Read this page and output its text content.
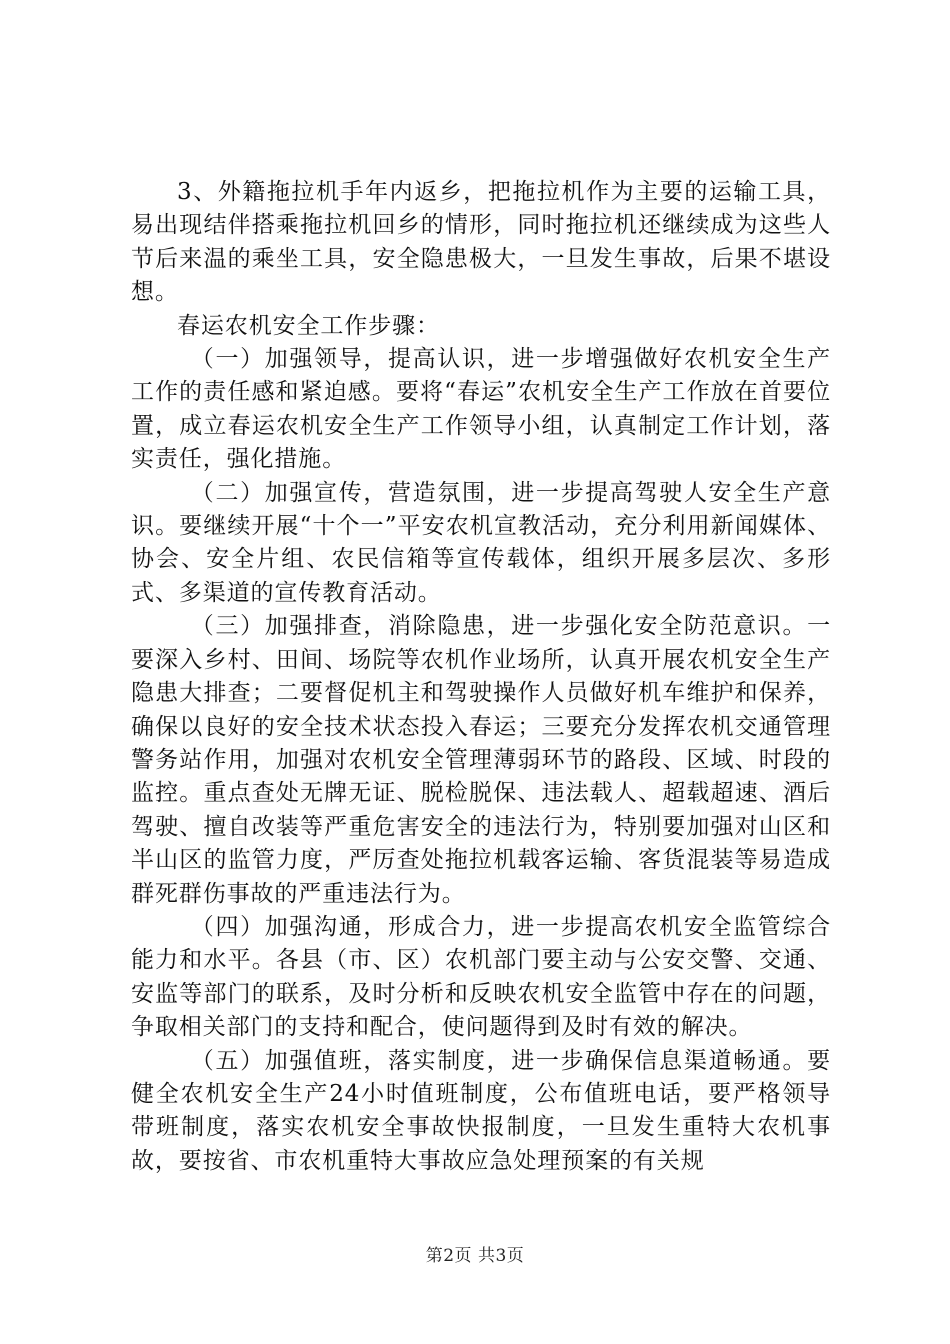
3、外籍拖拉机手年内返乡，把拖拉机作为主要的运输工具，易出现结伴搭乘拖拉机回乡的情形，同时拖拉机还继续成为这些人节后来温的乘坐工具，安全隐患极大，一旦发生事故，后果不堪设想。

春运农机安全工作步骤：

（一）加强领导，提高认识，进一步增强做好农机安全生产工作的责任感和紧迫感。要将“春运”农机安全生产工作放在首要位置，成立春运农机安全生产工作领导小组，认真制定工作计划，落实责任，强化措施。

（二）加强宣传，营造氛围，进一步提高驾驶人安全生产意识。要继续开展“十个一”平安农机宣教活动，充分利用新闻媒体、协会、安全片组、农民信箱等宣传载体，组织开展多层次、多形式、多渠道的宣传教育活动。

（三）加强排查，消除隐患，进一步强化安全防范意识。一要深入乡村、田间、场院等农机作业场所，认真开展农机安全生产隐患大排查；二要督促机主和驾驶操作人员做好机车维护和保养，确保以良好的安全技术状态投入春运；三要充分发挥农机交通管理警务站作用，加强对农机安全管理薄弱环节的路段、区域、时段的监控。重点查处无牌无证、脱检脱保、违法载人、超载超速、酒后驾驶、擅自改装等严重危害安全的违法行为，特别要加强对山区和半山区的监管力度，严厉查处拖拉机载客运输、客货混装等易造成群死群伤事故的严重违法行为。

（四）加强沟通，形成合力，进一步提高农机安全监管综合能力和水平。各县（市、区）农机部门要主动与公安交警、交通、安监等部门的联系，及时分析和反映农机安全监管中存在的问题，争取相关部门的支持和配合，使问题得到及时有效的解决。

（五）加强值班，落实制度，进一步确保信息渠道畅通。要健全农机安全生产24小时值班制度，公布值班电话，要严格领导带班制度，落实农机安全事故快报制度，一旦发生重特大农机事故，要按省、市农机重特大事故应急处理预案的有关规

第2页 共3页
